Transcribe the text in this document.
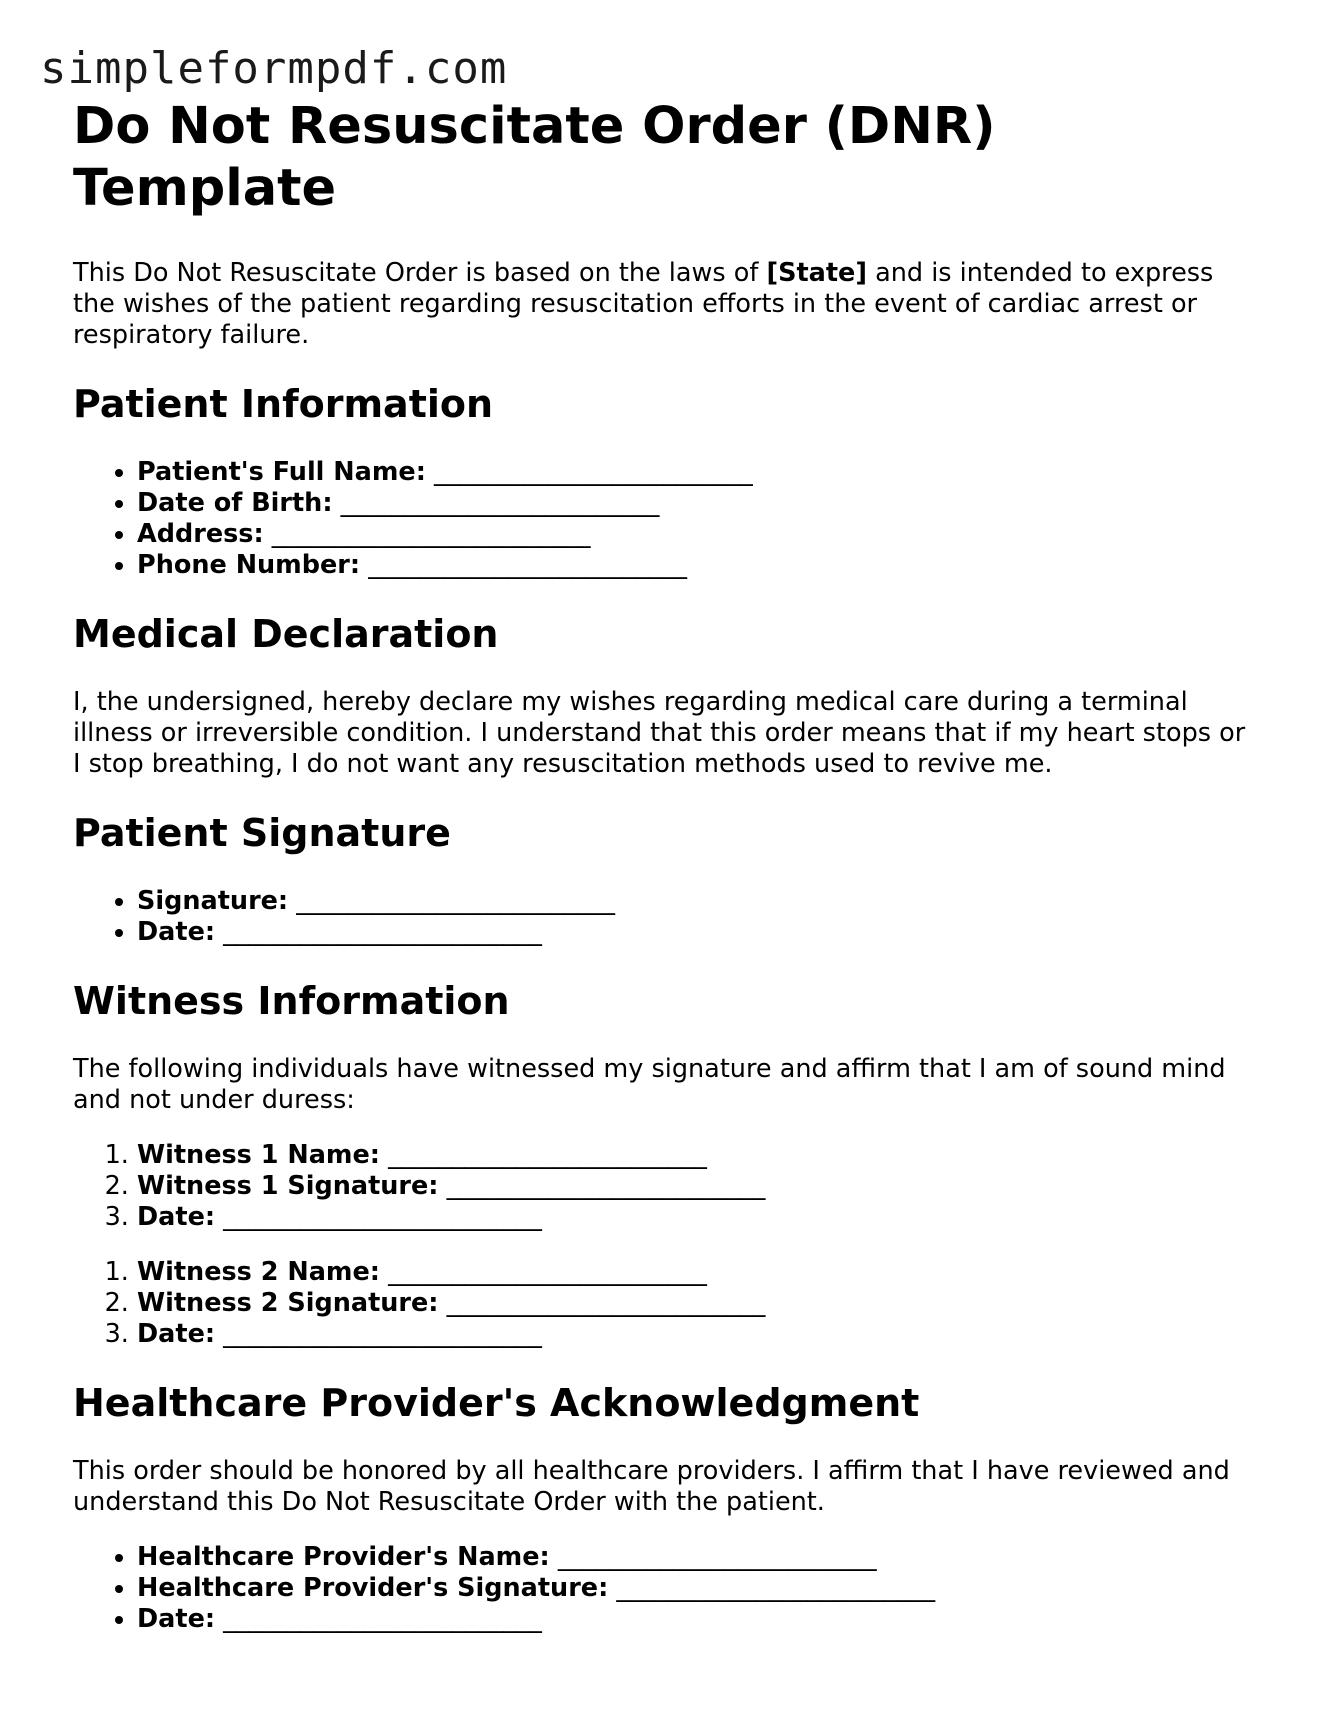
simpleformpdf.com
Do Not Resuscitate Order (DNR) Template

This Do Not Resuscitate Order is based on the laws of [State] and is intended to express the wishes of the patient regarding resuscitation efforts in the event of cardiac arrest or respiratory failure.

Patient Information
• Patient's Full Name: _________________________
• Date of Birth: _________________________
• Address: _________________________
• Phone Number: _________________________
Medical Declaration

I, the undersigned, hereby declare my wishes regarding medical care during a terminal illness or irreversible condition. I understand that this order means that if my heart stops or I stop breathing, I do not want any resuscitation methods used to revive me.

Patient Signature
• Signature: _________________________
• Date: _________________________
Witness Information

The following individuals have witnessed my signature and affirm that I am of sound mind and not under duress:

1. Witness 1 Name: _________________________
2. Witness 1 Signature: _________________________
3. Date: _________________________
1. Witness 2 Name: _________________________
2. Witness 2 Signature: _________________________
3. Date: _________________________
Healthcare Provider's Acknowledgment

This order should be honored by all healthcare providers. I affirm that I have reviewed and understand this Do Not Resuscitate Order with the patient.

• Healthcare Provider's Name: _________________________
• Healthcare Provider's Signature: _________________________
• Date: _________________________
